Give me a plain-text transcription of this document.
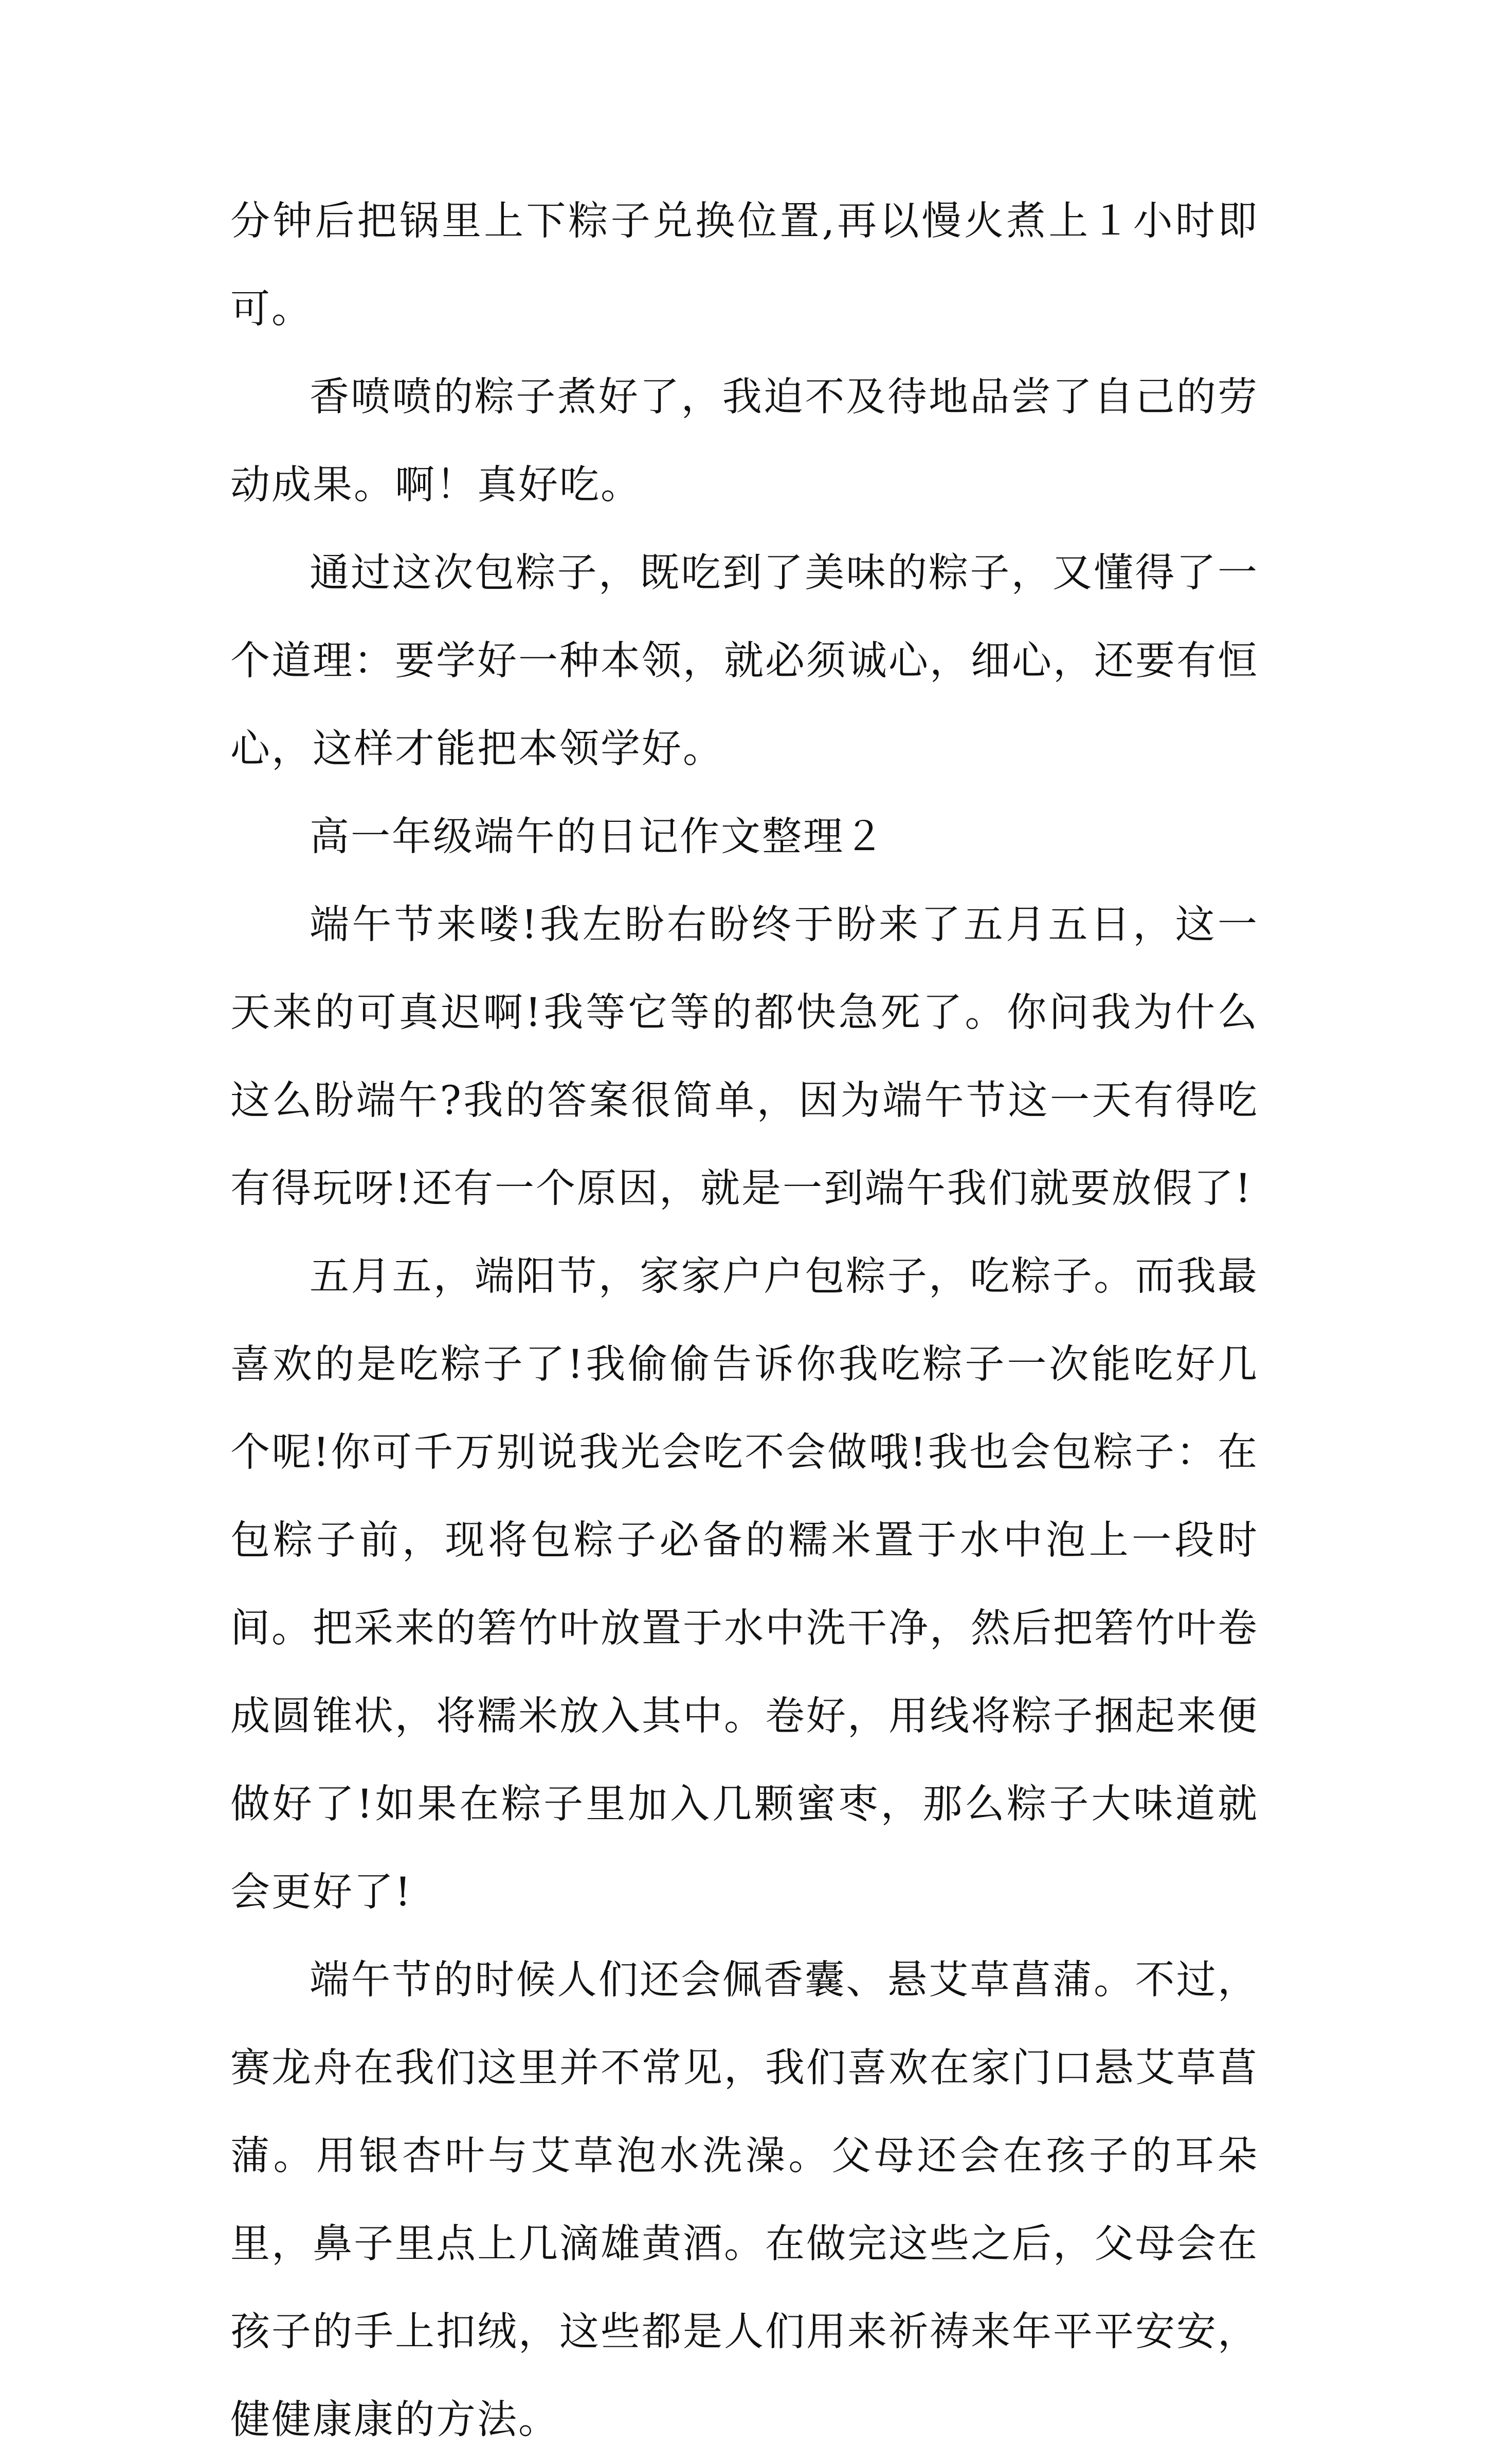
分钟后把锅里上下粽子兑换位置,再以慢火煮上１小时即可。

香喷喷的粽子煮好了，我迫不及待地品尝了自己的劳动成果。啊！真好吃。

通过这次包粽子，既吃到了美味的粽子，又懂得了一个道理：要学好一种本领，就必须诚心，细心，还要有恒心，这样才能把本领学好。

高一年级端午的日记作文整理２

端午节来喽!我左盼右盼终于盼来了五月五日，这一天来的可真迟啊!我等它等的都快急死了。你问我为什么这么盼端午?我的答案很简单，因为端午节这一天有得吃有得玩呀!还有一个原因，就是一到端午我们就要放假了!

五月五，端阳节，家家户户包粽子，吃粽子。而我最喜欢的是吃粽子了!我偷偷告诉你我吃粽子一次能吃好几个呢!你可千万别说我光会吃不会做哦!我也会包粽子：在包粽子前，现将包粽子必备的糯米置于水中泡上一段时间。把采来的箬竹叶放置于水中洗干净，然后把箬竹叶卷成圆锥状，将糯米放入其中。卷好，用线将粽子捆起来便做好了!如果在粽子里加入几颗蜜枣，那么粽子大味道就会更好了!

端午节的时候人们还会佩香囊、悬艾草菖蒲。不过，赛龙舟在我们这里并不常见，我们喜欢在家门口悬艾草菖蒲。用银杏叶与艾草泡水洗澡。父母还会在孩子的耳朵里，鼻子里点上几滴雄黄酒。在做完这些之后，父母会在孩子的手上扣绒，这些都是人们用来祈祷来年平平安安，健健康康的方法。
